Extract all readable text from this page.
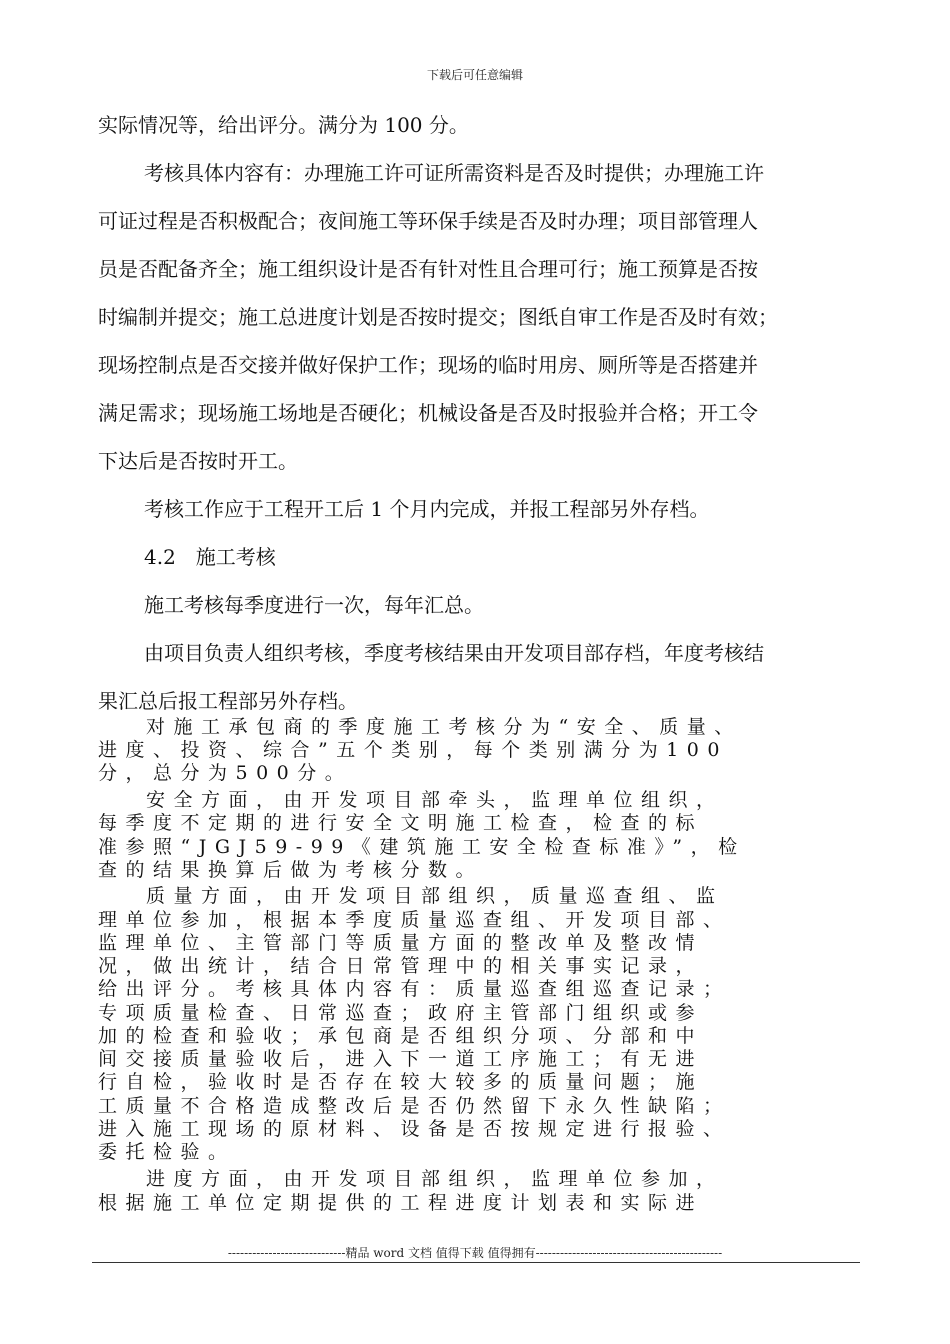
下载后可任意编辑
实际情况等，给出评分。满分为 100 分。
考核具体内容有：办理施工许可证所需资料是否及时提供；办理施工许
可证过程是否积极配合；夜间施工等环保手续是否及时办理；项目部管理人
员是否配备齐全；施工组织设计是否有针对性且合理可行；施工预算是否按
时编制并提交；施工总进度计划是否按时提交；图纸自审工作是否及时有效；
现场控制点是否交接并做好保护工作；现场的临时用房、厕所等是否搭建并
满足需求；现场施工场地是否硬化；机械设备是否及时报验并合格；开工令
下达后是否按时开工。
考核工作应于工程开工后 1 个月内完成，并报工程部另外存档。
4.2　施工考核
施工考核每季度进行一次，每年汇总。
由项目负责人组织考核，季度考核结果由开发项目部存档，年度考核结
果汇总后报工程部另外存档。
对施工承包商的季度施工考核分为“安全、质量、
进度、投资、综合”五个类别，每个类别满分为100
分，总分为500分。
安全方面，由开发项目部牵头，监理单位组织，
每季度不定期的进行安全文明施工检查，检查的标
准参照“JGJ59-99《建筑施工安全检查标准》”，检
查的结果换算后做为考核分数。
质量方面，由开发项目部组织，质量巡查组、监
理单位参加，根据本季度质量巡查组、开发项目部、
监理单位、主管部门等质量方面的整改单及整改情
况，做出统计，结合日常管理中的相关事实记录，
给出评分。考核具体内容有：质量巡查组巡查记录；
专项质量检查、日常巡查；政府主管部门组织或参
加的检查和验收；承包商是否组织分项、分部和中
间交接质量验收后，进入下一道工序施工；有无进
行自检，验收时是否存在较大较多的质量问题；施
工质量不合格造成整改后是否仍然留下永久性缺陷；
进入施工现场的原材料、设备是否按规定进行报验、
委托检验。
进度方面，由开发项目部组织，监理单位参加，
根据施工单位定期提供的工程进度计划表和实际进
-----------------------------精品 word 文档 值得下载 值得拥有----------------------------------------------
